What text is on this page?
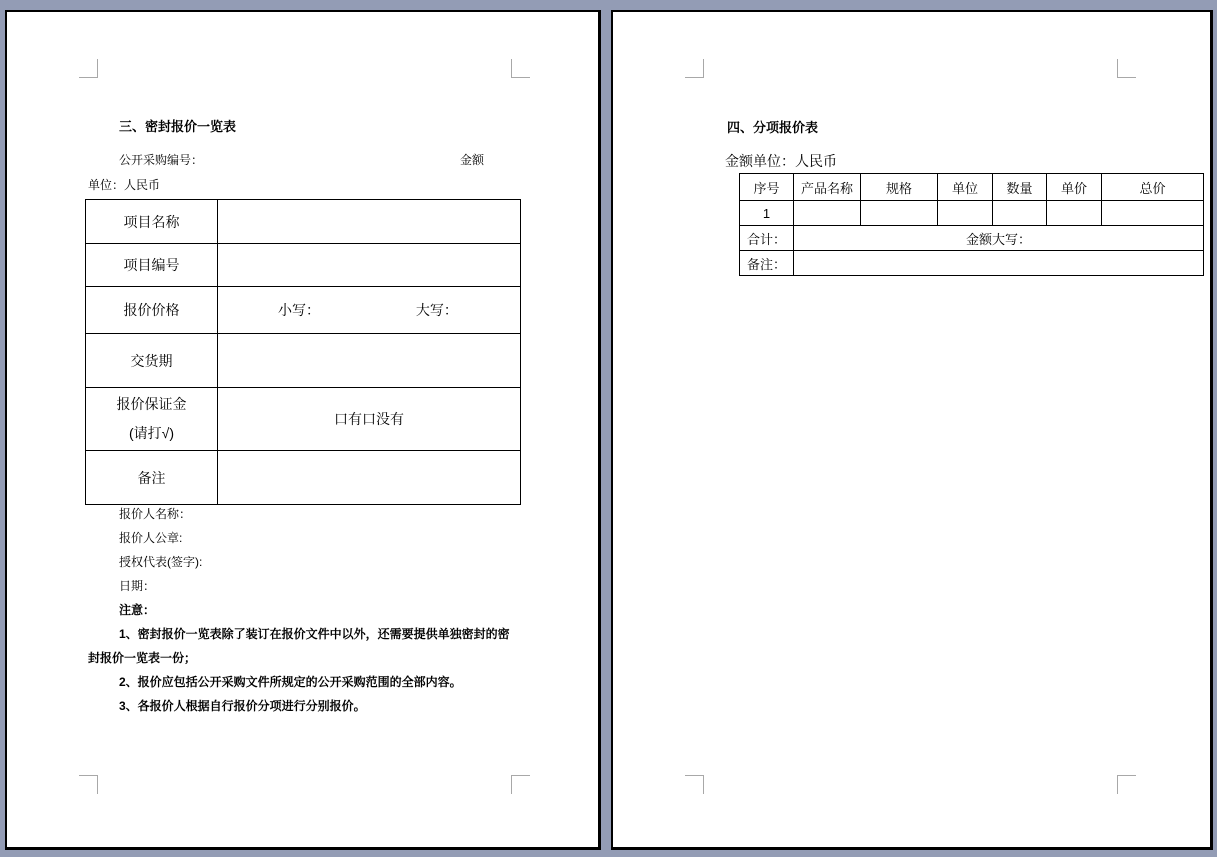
三、密封报价一览表
公开采购编号：	金额
单位：人民币
项目名称	
项目编号	
报价价格	小写： 大写：
交货期	

报价保证金
(请打√)	口有口没有
备注	
报价人名称：
报价人公章:
授权代表(签字):
日期：
注意：
1、密封报价一览表除了装订在报价文件中以外，还需要提供单独密封的密
封报价一览表一份；
2、报价应包括公开采购文件所规定的公开采购范围的全部内容。
3、各报价人根据自行报价分项进行分别报价。
四、分项报价表
金额单位：人民币
序号	产品名称	规格	单位	数量	单价	总价
1						
合计：	金额大写：					
备注：						
